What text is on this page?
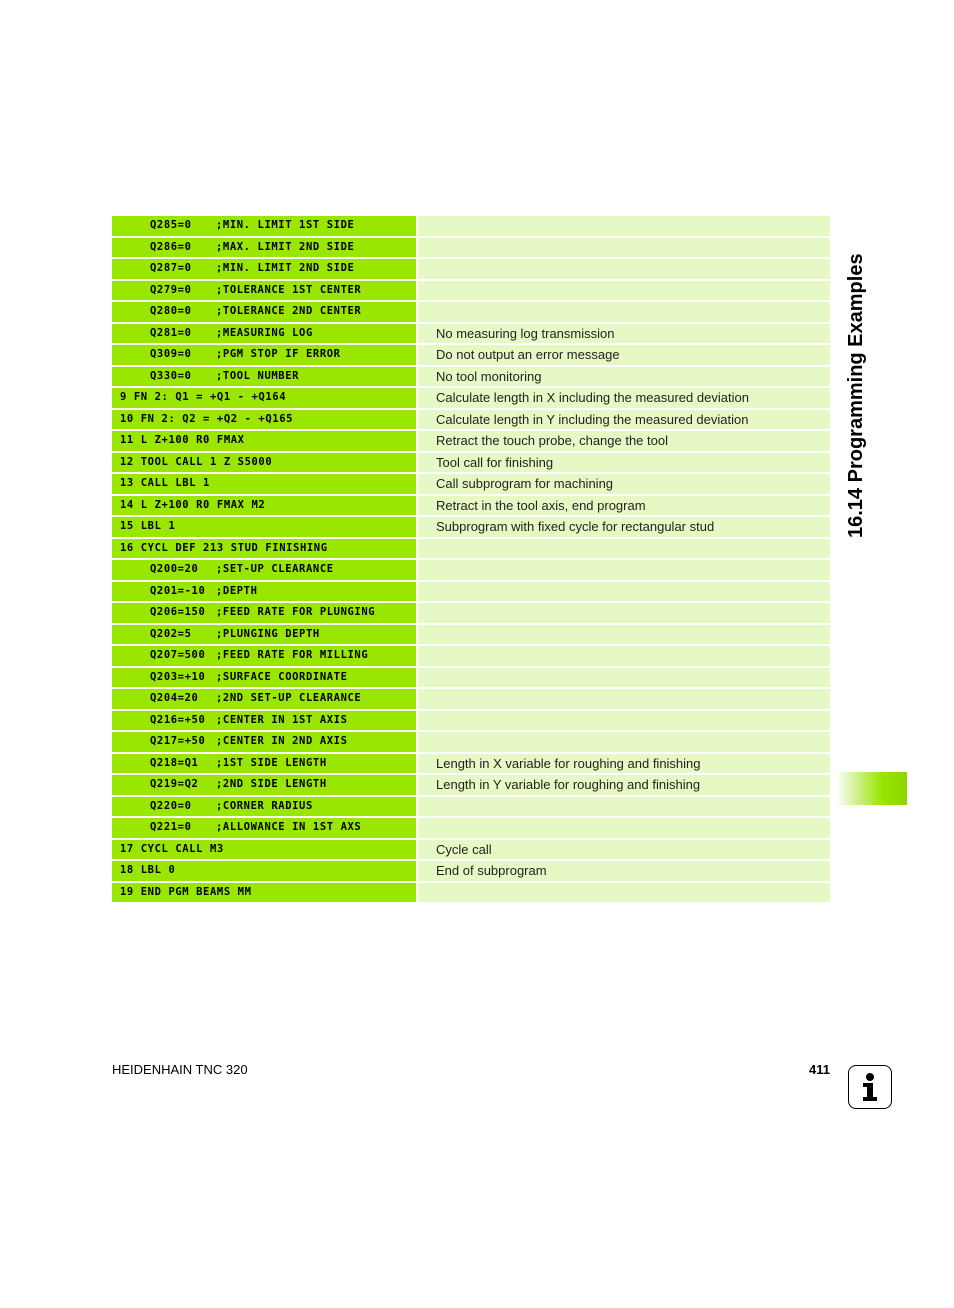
16.14 Programming Examples
Q285=0 ;MIN. LIMIT 1ST SIDE
Q286=0 ;MAX. LIMIT 2ND SIDE
Q287=0 ;MIN. LIMIT 2ND SIDE
Q279=0 ;TOLERANCE 1ST CENTER
Q280=0 ;TOLERANCE 2ND CENTER
Q281=0 ;MEASURING LOG	No measuring log transmission
Q309=0 ;PGM STOP IF ERROR	Do not output an error message
Q330=0 ;TOOL NUMBER	No tool monitoring
9 FN 2: Q1 = +Q1 - +Q164	Calculate length in X including the measured deviation
10 FN 2: Q2 = +Q2 - +Q165	Calculate length in Y including the measured deviation
11 L Z+100 R0 FMAX	Retract the touch probe, change the tool
12 TOOL CALL 1 Z S5000	Tool call for finishing
13 CALL LBL 1	Call subprogram for machining
14 L Z+100 R0 FMAX M2	Retract in the tool axis, end program
15 LBL 1	Subprogram with fixed cycle for rectangular stud
16 CYCL DEF 213 STUD FINISHING
Q200=20 ;SET-UP CLEARANCE
Q201=-10 ;DEPTH
Q206=150 ;FEED RATE FOR PLUNGING
Q202=5 ;PLUNGING DEPTH
Q207=500 ;FEED RATE FOR MILLING
Q203=+10 ;SURFACE COORDINATE
Q204=20 ;2ND SET-UP CLEARANCE
Q216=+50 ;CENTER IN 1ST AXIS
Q217=+50 ;CENTER IN 2ND AXIS
Q218=Q1 ;1ST SIDE LENGTH	Length in X variable for roughing and finishing
Q219=Q2 ;2ND SIDE LENGTH	Length in Y variable for roughing and finishing
Q220=0 ;CORNER RADIUS
Q221=0 ;ALLOWANCE IN 1ST AXS
17 CYCL CALL M3	Cycle call
18 LBL 0	End of subprogram
19 END PGM BEAMS MM
HEIDENHAIN TNC 320	411
